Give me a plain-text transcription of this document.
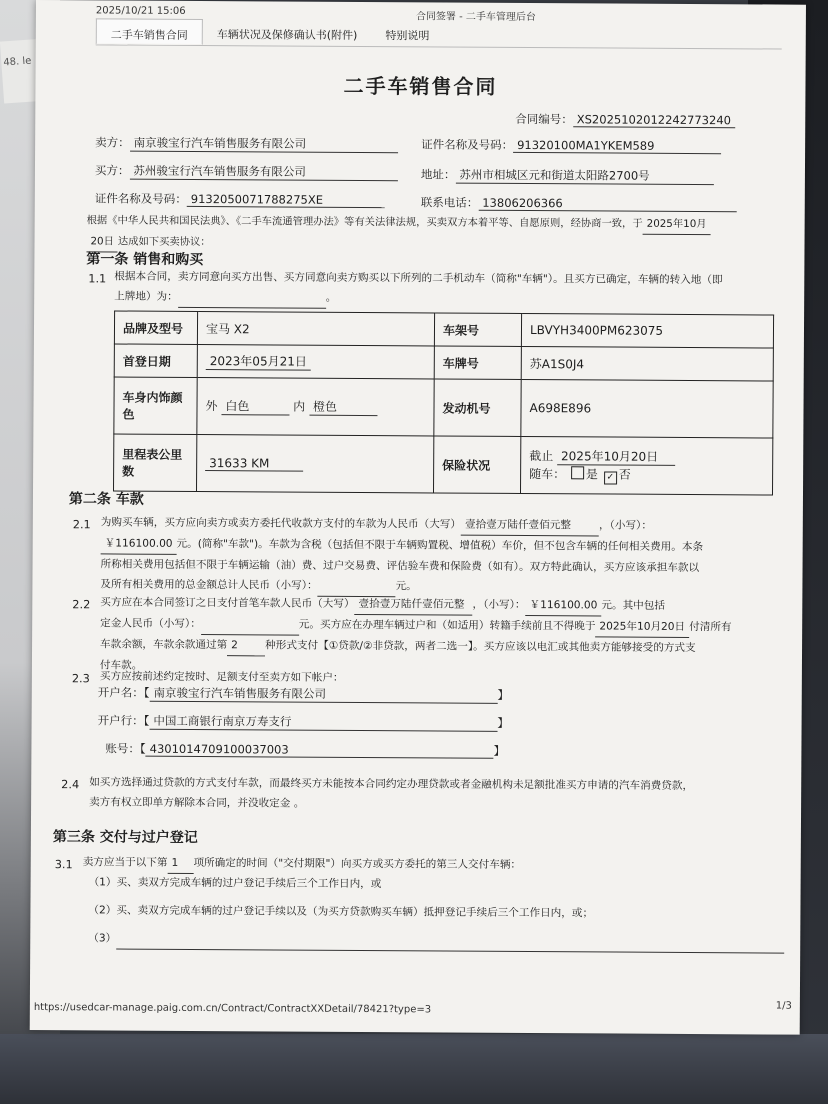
48. le
2025/10/21 15:06
合同签署 - 二手车管理后台
二手车销售合同	车辆状况及保修确认书(附件)	特别说明
二手车销售合同
合同编号： XS2025102012242773240
卖方： 南京骏宝行汽车销售服务有限公司	证件名称及号码： 91320100MA1YKEM589
买方： 苏州骏宝行汽车销售服务有限公司	地址： 苏州市相城区元和街道太阳路2700号
证件名称及号码： 9132050071788275XE	联系电话： 13806206366
根据《中华人民共和国民法典》、《二手车流通管理办法》等有关法律法规，买卖双方本着平等、自愿原则，经协商一致，于 2025年10月
20日 达成如下买卖协议：
第一条 销售和购买
1.1 根据本合同，卖方同意向买方出售、买方同意向卖方购买以下所列的二手机动车（简称"车辆"）。且买方已确定，车辆的转入地（即
上牌地）为：	。
品牌及型号	宝马 X2	车架号	LBVYH3400PM623075
首登日期	2023年05月21日	车牌号	苏A1S0J4
车身内饰颜色	外 白色 内 橙色	发动机号	A698E896
里程表公里数	31633 KM	保险状况	截止 2025年10月20日
随车： 是 ✓ 否
第二条 车款
2.1 为购买车辆，买方应向卖方或卖方委托代收款方支付的车款为人民币（大写） 壹拾壹万陆仟壹佰元整	，（小写）：
￥116100.00 元。(简称"车款")。车款为含税（包括但不限于车辆购置税、增值税）车价，但不包含车辆的任何相关费用。本条
所称相关费用包括但不限于车辆运输（油）费、过户交易费、评估验车费和保险费（如有）。双方特此确认，买方应该承担车款以
及所有相关费用的总金额总计人民币（小写）：	元。
2.2 买方应在本合同签订之日支付首笔车款人民币（大写） 壹拾壹万陆仟壹佰元整 ，（小写）： ￥116100.00 元。其中包括
定金人民币（小写）：	元。买方应在办理车辆过户和（如适用）转籍手续前且不得晚于 2025年10月20日 付清所有
车款余额，车款余款通过第 2	种形式支付【①贷款/②非贷款，两者二选一】。买方应该以电汇或其他卖方能够接受的方式支
付车款。
2.3 买方应按前述约定按时、足额支付至卖方如下帐户：
开户名：【 南京骏宝行汽车销售服务有限公司	】
开户行：【 中国工商银行南京万寿支行	】
账号：【 4301014709100037003	】
2.4 如买方选择通过贷款的方式支付车款，而最终买方未能按本合同约定办理贷款或者金融机构未足额批准买方申请的汽车消费贷款，
卖方有权立即单方解除本合同，并没收定金 。
第三条 交付与过户登记
3.1 卖方应当于以下第 1 项所确定的时间（"交付期限"）向买方或买方委托的第三人交付车辆：
（1）买、卖双方完成车辆的过户登记手续后三个工作日内，或
（2）买、卖双方完成车辆的过户登记手续以及（为买方贷款购买车辆）抵押登记手续后三个工作日内，或；
（3）
https://usedcar-manage.paig.com.cn/Contract/ContractXXDetail/78421?type=3	1/3
